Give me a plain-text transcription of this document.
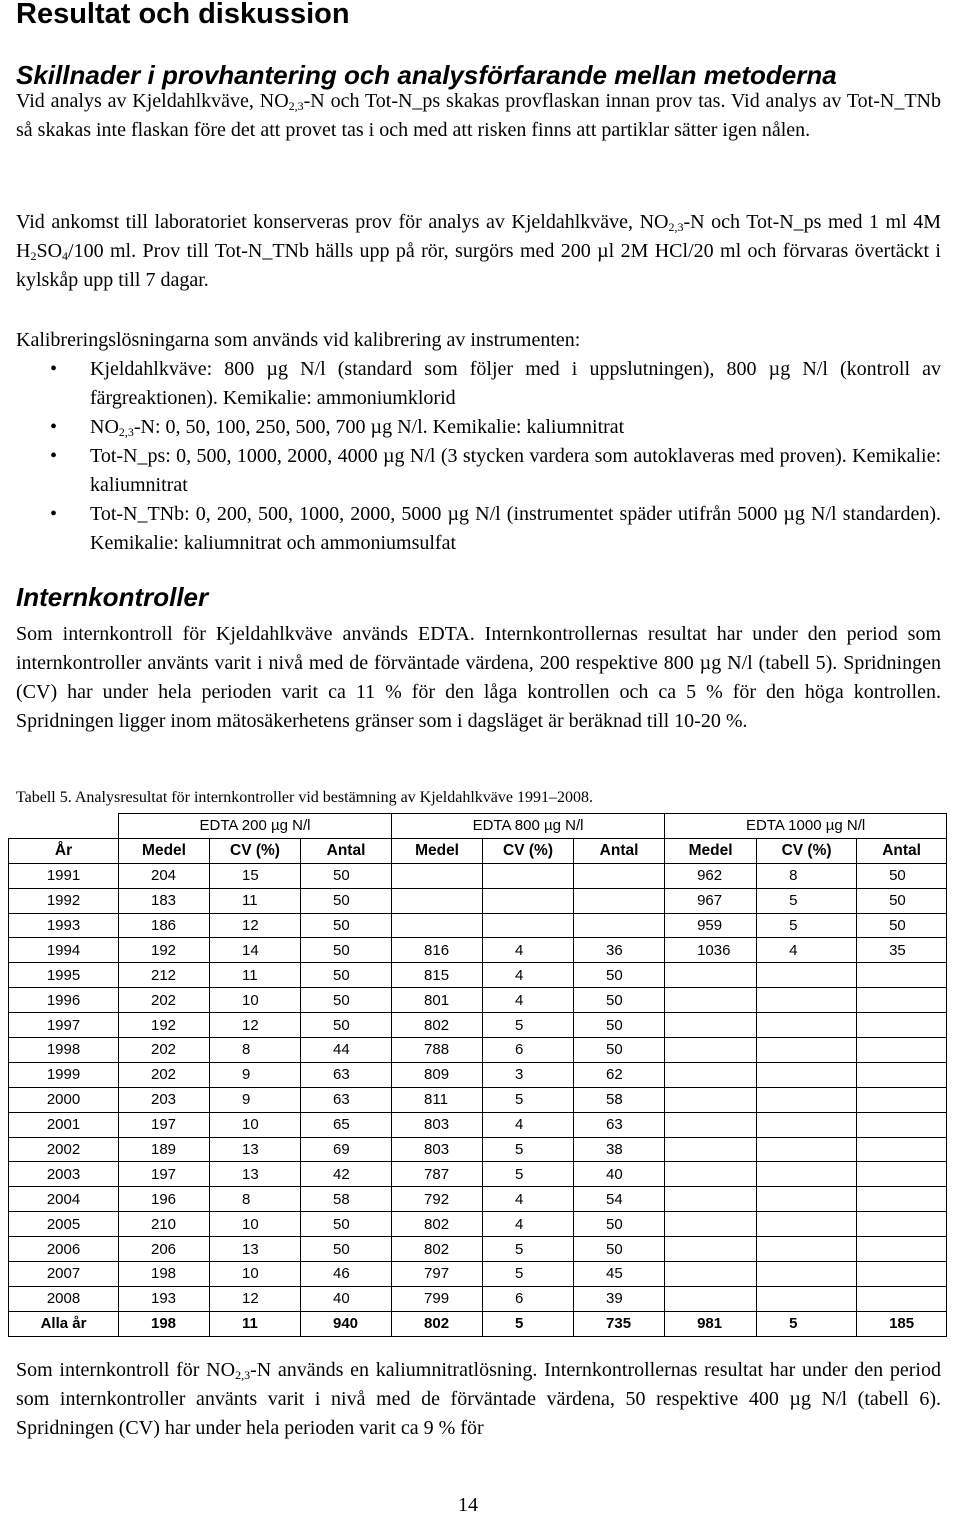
Resultat och diskussion
Skillnader i provhantering och analysförfarande mellan metoderna

Vid analys av Kjeldahlkväve, $NO_{2,3}-N$ och Tot-N_ps skakas provflaskan innan prov tas. Vid analys av Tot-N_TNb så skakas inte flaskan före det att provet tas i och med att risken finns att partiklar sätter igen nålen.

Vid ankomst till laboratoriet konserveras prov för analys av Kjeldahlkväve, $NO_{2,3}-N$ och Tot-N_ps med 1 ml 4M $H_2SO_4/100$ ml. Prov till Tot-N_TNb hälls upp på rör, surgörs med 200 µl 2M HCl/20 ml och förvaras övertäckt i kylskåp upp till 7 dagar.

Kalibreringslösningarna som används vid kalibrering av instrumenten:

• Kjeldahlkväve: 800 µg N/l (standard som följer med i uppslutningen), 800 µg N/l (kontroll av färgreaktionen). Kemikalie: ammoniumklorid
• $NO_{2,3}-N$: 0, 50, 100, 250, 500, 700 µg N/l. Kemikalie: kaliumnitrat
• Tot-N_ps: 0, 500, 1000, 2000, 4000 µg N/l (3 stycken vardera som autoklaveras med proven). Kemikalie: kaliumnitrat
• Tot-N_TNb: 0, 200, 500, 1000, 2000, 5000 µg N/l (instrumentet späder utifrån 5000 µg N/l standarden). Kemikalie: kaliumnitrat och ammoniumsulfat
Internkontroller

Som internkontroll för Kjeldahlkväve används EDTA. Internkontrollernas resultat har under den period som internkontroller använts varit i nivå med de förväntade värdena, 200 respektive 800 µg N/l (tabell 5). Spridningen (CV) har under hela perioden varit ca 11 % för den låga kontrollen och ca 5 % för den höga kontrollen. Spridningen ligger inom mätosäkerhetens gränser som i dagsläget är beräknad till 10-20 %.

Tabell 5. Analysresultat för internkontroller vid bestämning av Kjeldahlkväve 1991–2008.

	EDTA 200 µg N/l			EDTA 800 µg N/l			EDTA 1000 µg N/l		
År	Medel	CV (%)	Antal	Medel	CV (%)	Antal	Medel	CV (%)	Antal
1991	204	15	50				962	8	50
1992	183	11	50				967	5	50
1993	186	12	50				959	5	50
1994	192	14	50	816	4	36	1036	4	35
1995	212	11	50	815	4	50			
1996	202	10	50	801	4	50			
1997	192	12	50	802	5	50			
1998	202	8	44	788	6	50			
1999	202	9	63	809	3	62			
2000	203	9	63	811	5	58			
2001	197	10	65	803	4	63			
2002	189	13	69	803	5	38			
2003	197	13	42	787	5	40			
2004	196	8	58	792	4	54			
2005	210	10	50	802	4	50			
2006	206	13	50	802	5	50			
2007	198	10	46	797	5	45			
2008	193	12	40	799	6	39			
Alla år	198	11	940	802	5	735	981	5	185

Som internkontroll för $NO_{2,3}-N$ används en kaliumnitratlösning. Internkontrollernas resultat har under den period som internkontroller använts varit i nivå med de förväntade värdena, 50 respektive 400 µg N/l (tabell 6). Spridningen (CV) har under hela perioden varit ca 9 % för

14
